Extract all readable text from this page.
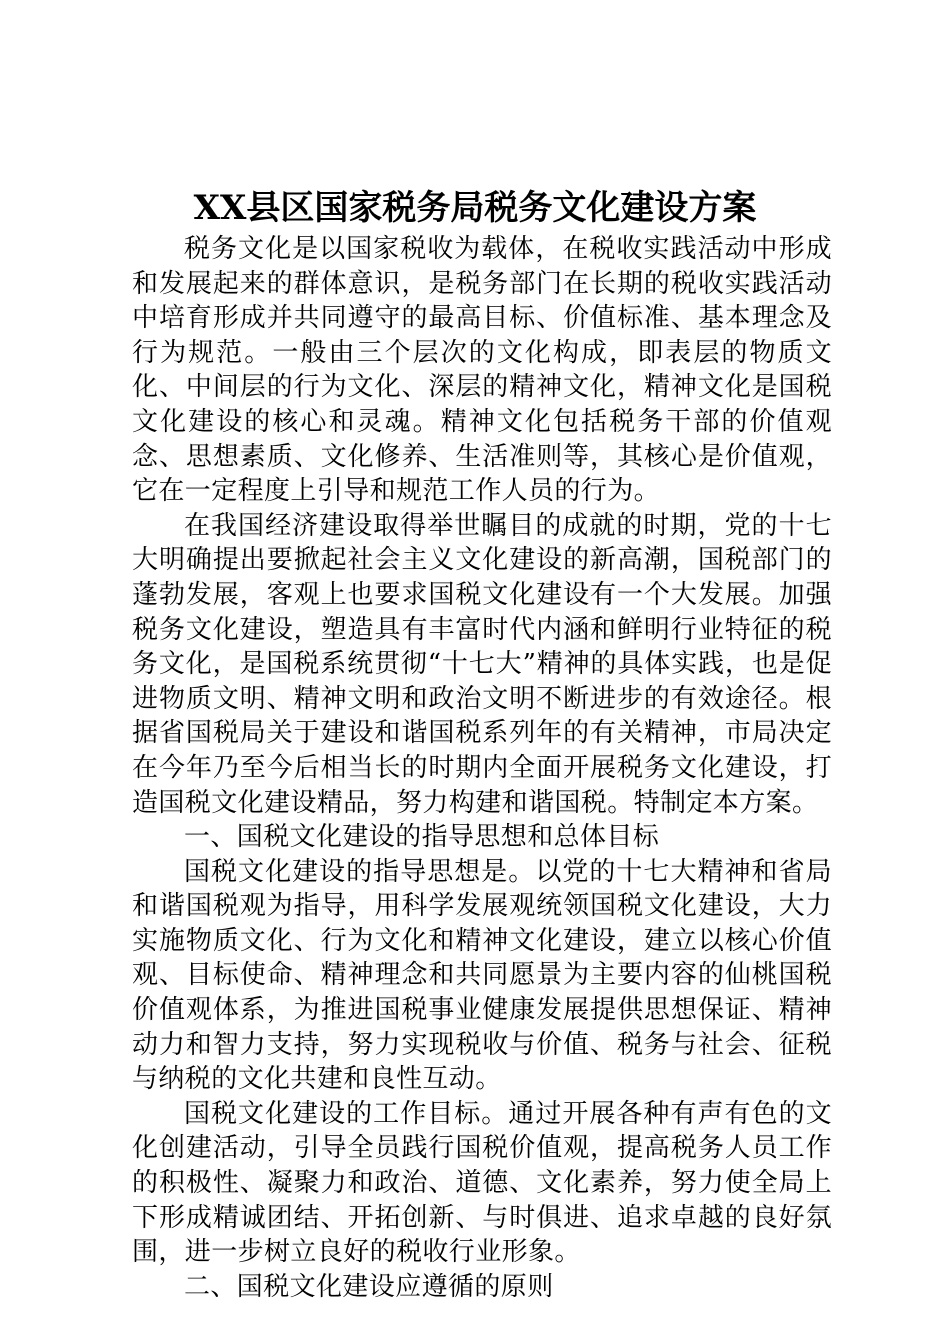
XX县区国家税务局税务文化建设方案

税务文化是以国家税收为载体，在税收实践活动中形成和发展起来的群体意识，是税务部门在长期的税收实践活动中培育形成并共同遵守的最高目标、价值标准、基本理念及行为规范。一般由三个层次的文化构成，即表层的物质文化、中间层的行为文化、深层的精神文化，精神文化是国税文化建设的核心和灵魂。精神文化包括税务干部的价值观念、思想素质、文化修养、生活准则等，其核心是价值观，它在一定程度上引导和规范工作人员的行为。

在我国经济建设取得举世瞩目的成就的时期，党的十七大明确提出要掀起社会主义文化建设的新高潮，国税部门的蓬勃发展，客观上也要求国税文化建设有一个大发展。加强税务文化建设，塑造具有丰富时代内涵和鲜明行业特征的税务文化，是国税系统贯彻“十七大”精神的具体实践，也是促进物质文明、精神文明和政治文明不断进步的有效途径。根据省国税局关于建设和谐国税系列年的有关精神，市局决定在今年乃至今后相当长的时期内全面开展税务文化建设，打造国税文化建设精品，努力构建和谐国税。特制定本方案。

一、国税文化建设的指导思想和总体目标

国税文化建设的指导思想是。以党的十七大精神和省局和谐国税观为指导，用科学发展观统领国税文化建设，大力实施物质文化、行为文化和精神文化建设，建立以核心价值观、目标使命、精神理念和共同愿景为主要内容的仙桃国税价值观体系，为推进国税事业健康发展提供思想保证、精神动力和智力支持，努力实现税收与价值、税务与社会、征税与纳税的文化共建和良性互动。

国税文化建设的工作目标。通过开展各种有声有色的文化创建活动，引导全员践行国税价值观，提高税务人员工作的积极性、凝聚力和政治、道德、文化素养，努力使全局上下形成精诚团结、开拓创新、与时俱进、追求卓越的良好氛围，进一步树立良好的税收行业形象。

二、国税文化建设应遵循的原则
